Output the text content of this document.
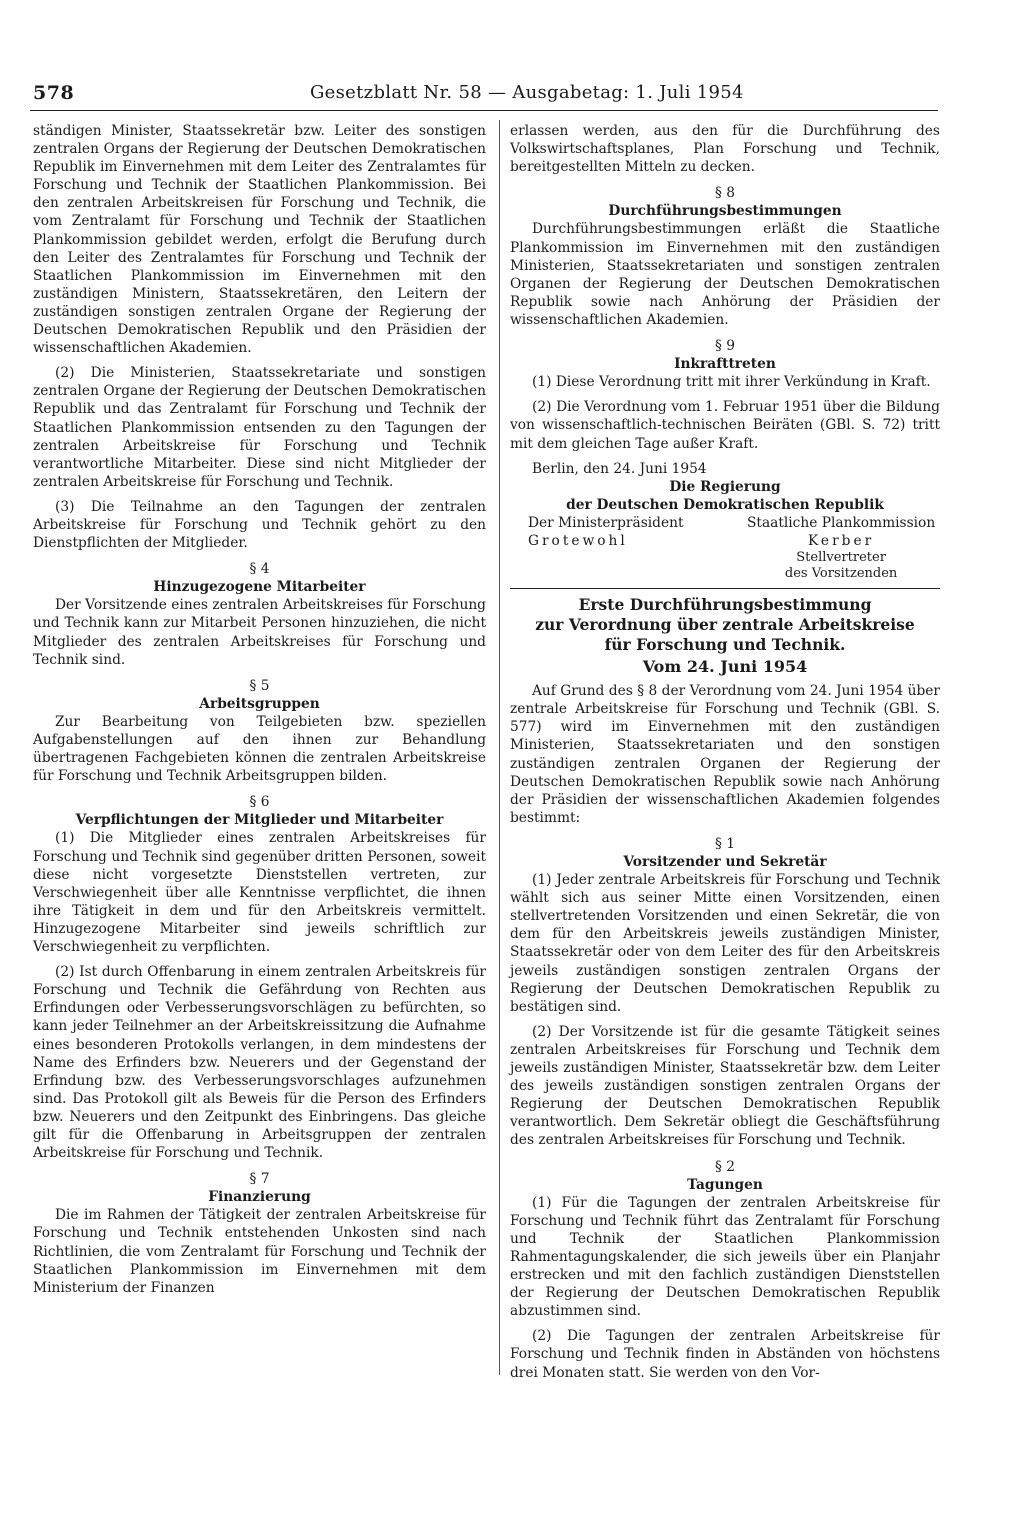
578	Gesetzblatt Nr. 58 — Ausgabetag: 1. Juli 1954

ständigen Minister, Staatssekretär bzw. Leiter des sonstigen zentralen Organs der Regierung der Deutschen Demokratischen Republik im Einvernehmen mit dem Leiter des Zentralamtes für Forschung und Technik der Staatlichen Plankommission. Bei den zentralen Arbeitskreisen für Forschung und Technik, die vom Zentralamt für Forschung und Technik der Staatlichen Plankommission gebildet werden, erfolgt die Berufung durch den Leiter des Zentralamtes für Forschung und Technik der Staatlichen Plankommission im Einvernehmen mit den zuständigen Ministern, Staatssekretären, den Leitern der zuständigen sonstigen zentralen Organe der Regierung der Deutschen Demokratischen Republik und den Präsidien der wissenschaftlichen Akademien.

(2) Die Ministerien, Staatssekretariate und sonstigen zentralen Organe der Regierung der Deutschen Demokratischen Republik und das Zentralamt für Forschung und Technik der Staatlichen Plankommission entsenden zu den Tagungen der zentralen Arbeitskreise für Forschung und Technik verantwortliche Mitarbeiter. Diese sind nicht Mitglieder der zentralen Arbeitskreise für Forschung und Technik.

(3) Die Teilnahme an den Tagungen der zentralen Arbeitskreise für Forschung und Technik gehört zu den Dienstpflichten der Mitglieder.

§ 4

Hinzugezogene Mitarbeiter

Der Vorsitzende eines zentralen Arbeitskreises für Forschung und Technik kann zur Mitarbeit Personen hinzuziehen, die nicht Mitglieder des zentralen Arbeitskreises für Forschung und Technik sind.

§ 5

Arbeitsgruppen

Zur Bearbeitung von Teilgebieten bzw. speziellen Aufgabenstellungen auf den ihnen zur Behandlung übertragenen Fachgebieten können die zentralen Arbeitskreise für Forschung und Technik Arbeitsgruppen bilden.

§ 6

Verpflichtungen der Mitglieder und Mitarbeiter

(1) Die Mitglieder eines zentralen Arbeitskreises für Forschung und Technik sind gegenüber dritten Personen, soweit diese nicht vorgesetzte Dienststellen vertreten, zur Verschwiegenheit über alle Kenntnisse verpflichtet, die ihnen ihre Tätigkeit in dem und für den Arbeitskreis vermittelt. Hinzugezogene Mitarbeiter sind jeweils schriftlich zur Verschwiegenheit zu verpflichten.

(2) Ist durch Offenbarung in einem zentralen Arbeitskreis für Forschung und Technik die Gefährdung von Rechten aus Erfindungen oder Verbesserungsvorschlägen zu befürchten, so kann jeder Teilnehmer an der Arbeitskreissitzung die Aufnahme eines besonderen Protokolls verlangen, in dem mindestens der Name des Erfinders bzw. Neuerers und der Gegenstand der Erfindung bzw. des Verbesserungsvorschlages aufzunehmen sind. Das Protokoll gilt als Beweis für die Person des Erfinders bzw. Neuerers und den Zeitpunkt des Einbringens. Das gleiche gilt für die Offenbarung in Arbeitsgruppen der zentralen Arbeitskreise für Forschung und Technik.

§ 7

Finanzierung

Die im Rahmen der Tätigkeit der zentralen Arbeitskreise für Forschung und Technik entstehenden Unkosten sind nach Richtlinien, die vom Zentralamt für Forschung und Technik der Staatlichen Plankommission im Einvernehmen mit dem Ministerium der Finanzen

erlassen werden, aus den für die Durchführung des Volkswirtschaftsplanes, Plan Forschung und Technik, bereitgestellten Mitteln zu decken.

§ 8

Durchführungsbestimmungen

Durchführungsbestimmungen erläßt die Staatliche Plankommission im Einvernehmen mit den zuständigen Ministerien, Staatssekretariaten und sonstigen zentralen Organen der Regierung der Deutschen Demokratischen Republik sowie nach Anhörung der Präsidien der wissenschaftlichen Akademien.

§ 9

Inkrafttreten

(1) Diese Verordnung tritt mit ihrer Verkündung in Kraft.

(2) Die Verordnung vom 1. Februar 1951 über die Bildung von wissenschaftlich-technischen Beiräten (GBl. S. 72) tritt mit dem gleichen Tage außer Kraft.

Berlin, den 24. Juni 1954

Die Regierung

der Deutschen Demokratischen Republik

Der Ministerpräsident

Grotewohl

Staatliche Plankommission

Kerber

Stellvertreter

des Vorsitzenden

Erste Durchführungsbestimmung

zur Verordnung über zentrale Arbeitskreise

für Forschung und Technik.

Vom 24. Juni 1954

Auf Grund des § 8 der Verordnung vom 24. Juni 1954 über zentrale Arbeitskreise für Forschung und Technik (GBl. S. 577) wird im Einvernehmen mit den zuständigen Ministerien, Staatssekretariaten und den sonstigen zuständigen zentralen Organen der Regierung der Deutschen Demokratischen Republik sowie nach Anhörung der Präsidien der wissenschaftlichen Akademien folgendes bestimmt:

§ 1

Vorsitzender und Sekretär

(1) Jeder zentrale Arbeitskreis für Forschung und Technik wählt sich aus seiner Mitte einen Vorsitzenden, einen stellvertretenden Vorsitzenden und einen Sekretär, die von dem für den Arbeitskreis jeweils zuständigen Minister, Staatssekretär oder von dem Leiter des für den Arbeitskreis jeweils zuständigen sonstigen zentralen Organs der Regierung der Deutschen Demokratischen Republik zu bestätigen sind.

(2) Der Vorsitzende ist für die gesamte Tätigkeit seines zentralen Arbeitskreises für Forschung und Technik dem jeweils zuständigen Minister, Staatssekretär bzw. dem Leiter des jeweils zuständigen sonstigen zentralen Organs der Regierung der Deutschen Demokratischen Republik verantwortlich. Dem Sekretär obliegt die Geschäftsführung des zentralen Arbeitskreises für Forschung und Technik.

§ 2

Tagungen

(1) Für die Tagungen der zentralen Arbeitskreise für Forschung und Technik führt das Zentralamt für Forschung und Technik der Staatlichen Plankommission Rahmentagungskalender, die sich jeweils über ein Planjahr erstrecken und mit den fachlich zuständigen Dienststellen der Regierung der Deutschen Demokratischen Republik abzustimmen sind.

(2) Die Tagungen der zentralen Arbeitskreise für Forschung und Technik finden in Abständen von höchstens drei Monaten statt. Sie werden von den Vor-
